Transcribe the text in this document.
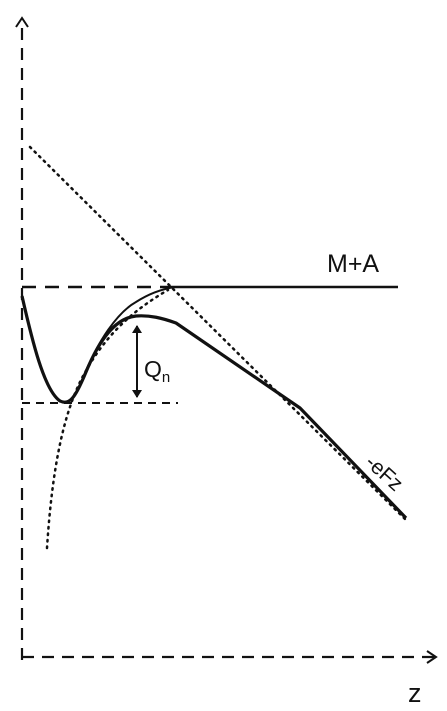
M+A
$Q_n$
-eFz
z
